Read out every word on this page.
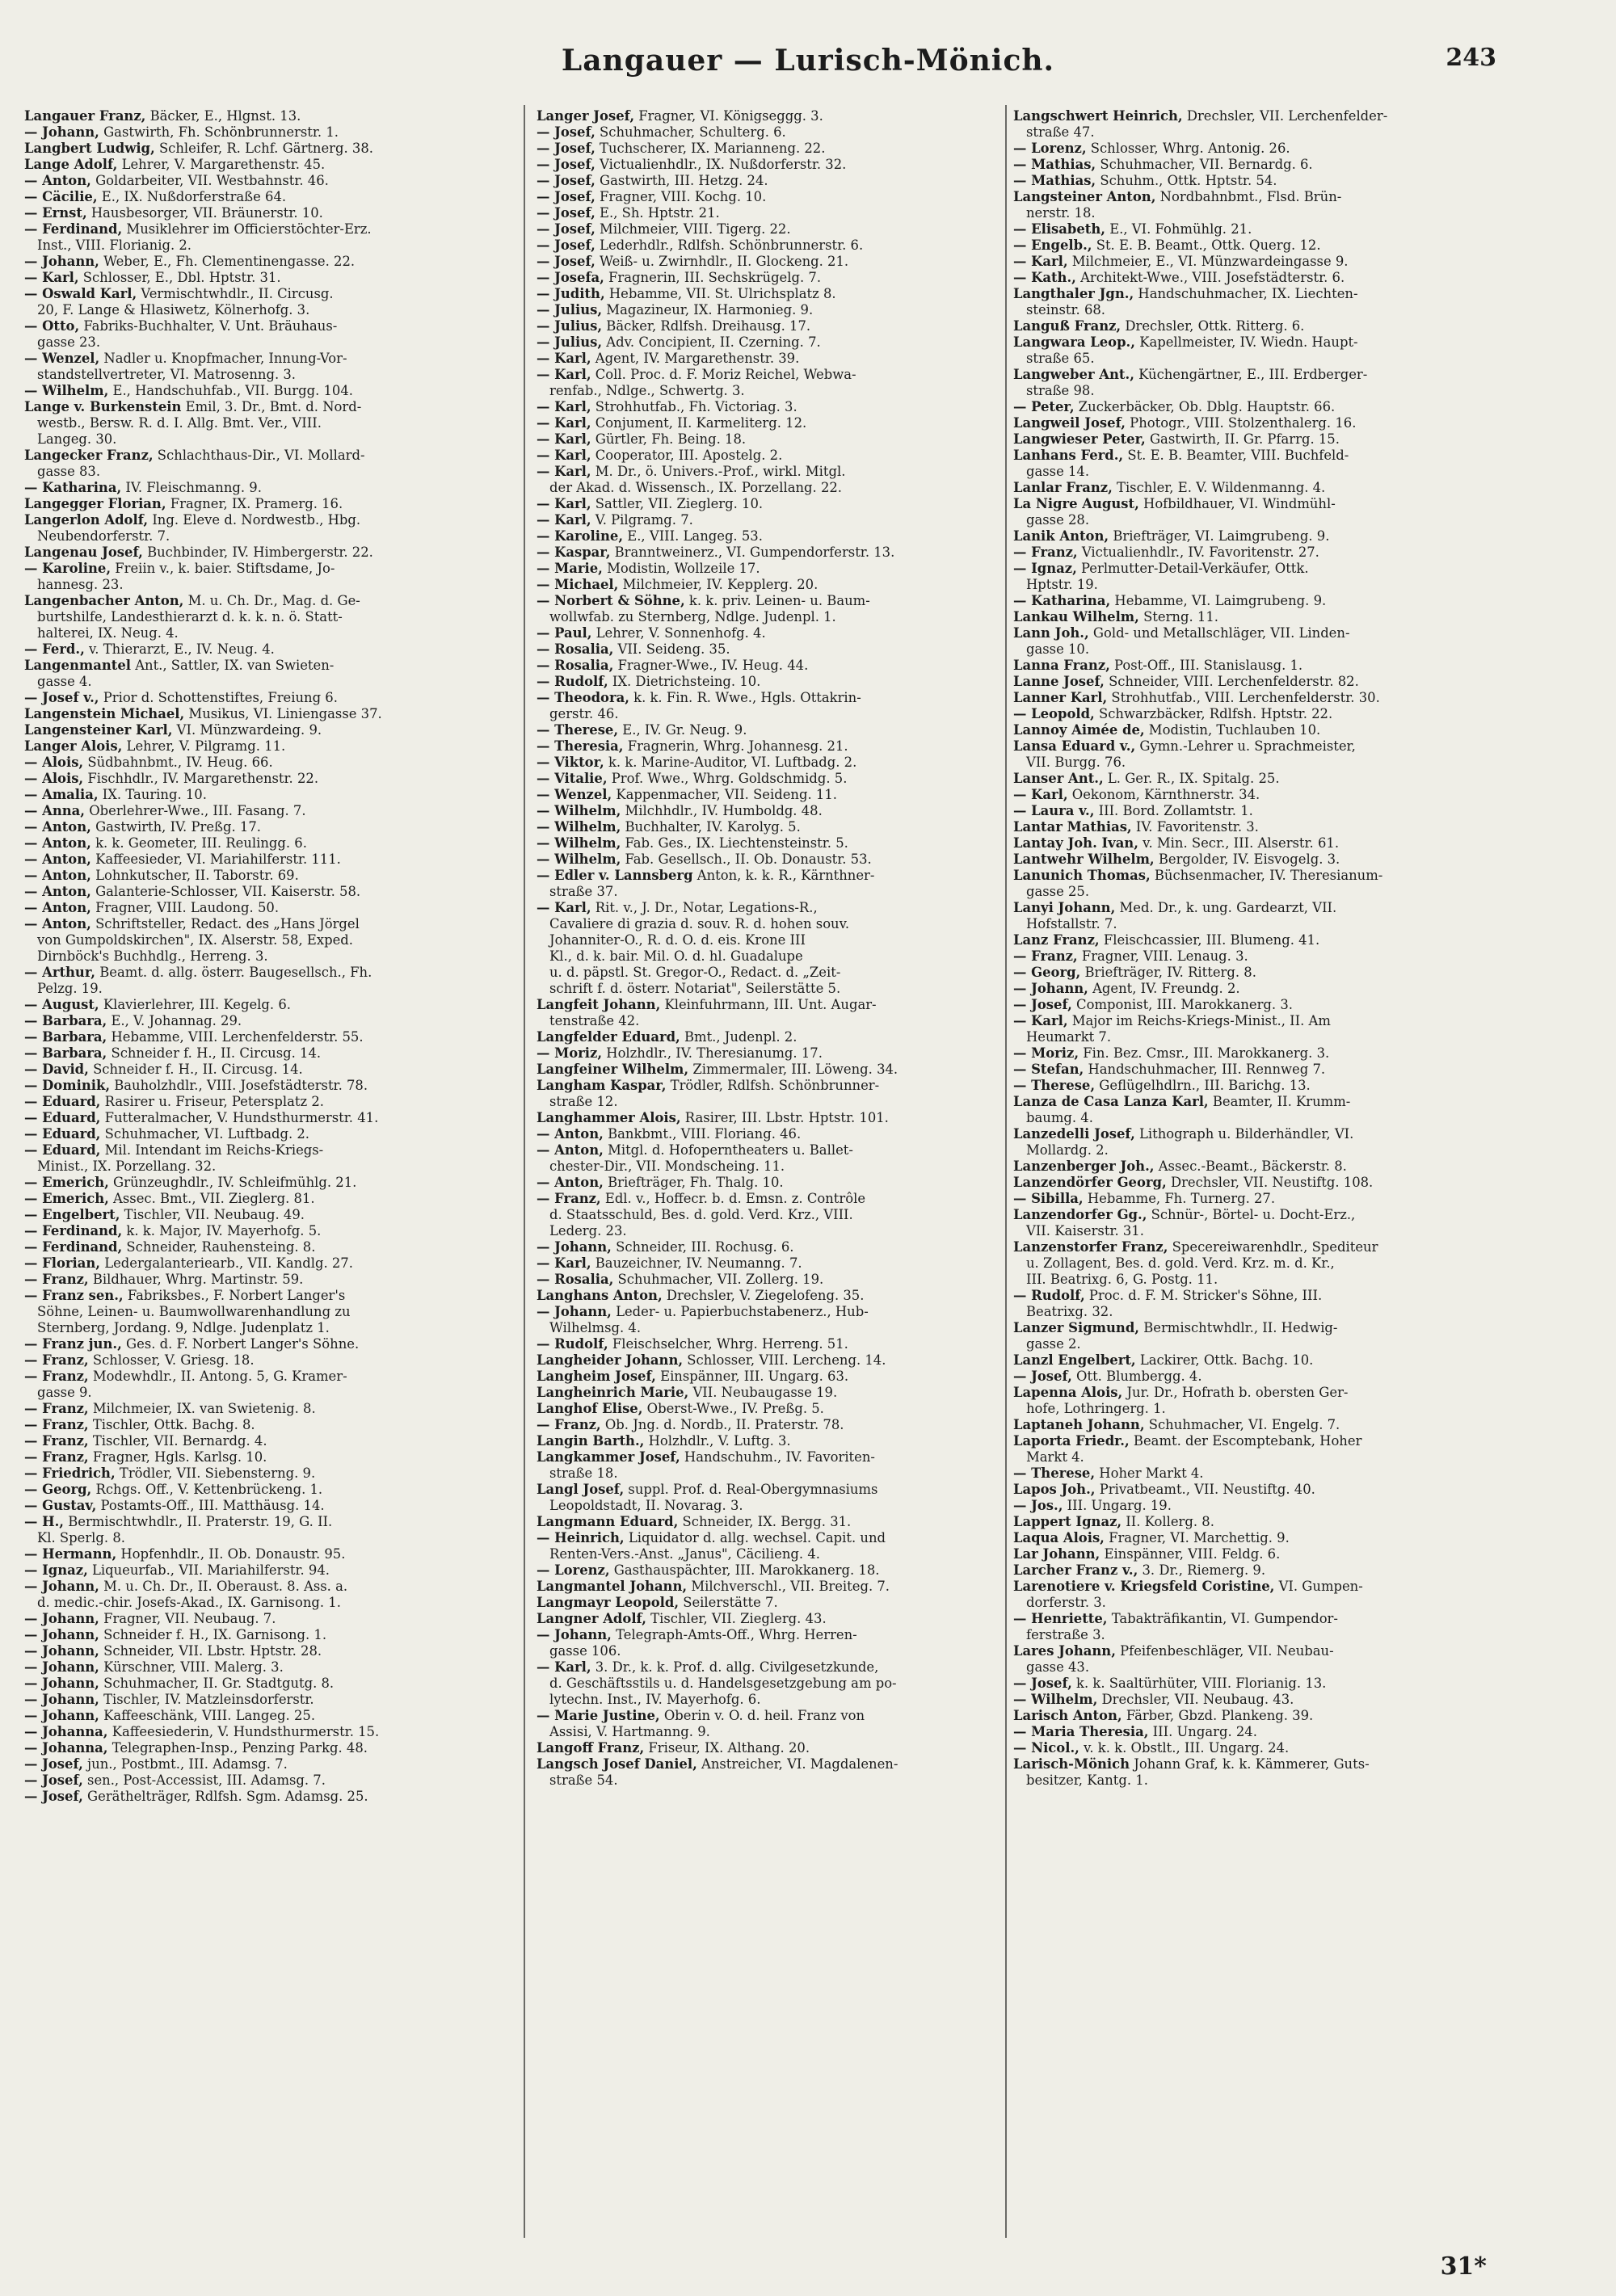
Langauer — Lurisch-Mönich.	243
Langauer Franz, Bäcker, E., Hlgnst. 13.
— Johann, Gastwirth, Fh. Schönbrunnerstr. 1.
Langbert Ludwig, Schleifer, R. Lchf. Gärtnerg. 38.
Lange Adolf, Lehrer, V. Margarethenstr. 45.
— Anton, Goldarbeiter, VII. Westbahnstr. 46.
— Cäcilie, E., IX. Nußdorferstraße 64.
— Ernst, Hausbesorger, VII. Bräunerstr. 10.
— Ferdinand, Musiklehrer im Officierstöchter-Erz.
Inst., VIII. Florianig. 2.
— Johann, Weber, E., Fh. Clementinengasse. 22.
— Karl, Schlosser, E., Dbl. Hptstr. 31.
— Oswald Karl, Vermischtwhdlr., II. Circusg.
20, F. Lange & Hlasiwetz, Kölnerhofg. 3.
— Otto, Fabriks-Buchhalter, V. Unt. Bräuhaus-
gasse 23.
— Wenzel, Nadler u. Knopfmacher, Innung-Vor-
standstellvertreter, VI. Matrosenng. 3.
— Wilhelm, E., Handschuhfab., VII. Burgg. 104.
Lange v. Burkenstein Emil, 3. Dr., Bmt. d. Nord-
westb., Bersw. R. d. I. Allg. Bmt. Ver., VIII.
Langeg. 30.
Langecker Franz, Schlachthaus-Dir., VI. Mollard-
gasse 83.
— Katharina, IV. Fleischmanng. 9.
Langegger Florian, Fragner, IX. Pramerg. 16.
Langerlon Adolf, Ing. Eleve d. Nordwestb., Hbg.
Neubendorferstr. 7.
Langenau Josef, Buchbinder, IV. Himbergerstr. 22.
— Karoline, Freiin v., k. baier. Stiftsdame, Jo-
hannesg. 23.
Langenbacher Anton, M. u. Ch. Dr., Mag. d. Ge-
burtshilfe, Landesthierarzt d. k. k. n. ö. Statt-
halterei, IX. Neug. 4.
— Ferd., v. Thierarzt, E., IV. Neug. 4.
Langenmantel Ant., Sattler, IX. van Swieten-
gasse 4.
— Josef v., Prior d. Schottenstiftes, Freiung 6.
Langenstein Michael, Musikus, VI. Liniengasse 37.
Langensteiner Karl, VI. Münzwardeing. 9.
Langer Alois, Lehrer, V. Pilgramg. 11.
— Alois, Südbahnbmt., IV. Heug. 66.
— Alois, Fischhdlr., IV. Margarethenstr. 22.
— Amalia, IX. Tauring. 10.
— Anna, Oberlehrer-Wwe., III. Fasang. 7.
— Anton, Gastwirth, IV. Preßg. 17.
— Anton, k. k. Geometer, III. Reulingg. 6.
— Anton, Kaffeesieder, VI. Mariahilferstr. 111.
— Anton, Lohnkutscher, II. Taborstr. 69.
— Anton, Galanterie-Schlosser, VII. Kaiserstr. 58.
— Anton, Fragner, VIII. Laudong. 50.
— Anton, Schriftsteller, Redact. des „Hans Jörgel
von Gumpoldskirchen", IX. Alserstr. 58, Exped.
Dirnböck's Buchhdlg., Herreng. 3.
— Arthur, Beamt. d. allg. österr. Baugesellsch., Fh.
Pelzg. 19.
— August, Klavierlehrer, III. Kegelg. 6.
— Barbara, E., V. Johannag. 29.
— Barbara, Hebamme, VIII. Lerchenfelderstr. 55.
— Barbara, Schneider f. H., II. Circusg. 14.
— David, Schneider f. H., II. Circusg. 14.
— Dominik, Bauholzhdlr., VIII. Josefstädterstr. 78.
— Eduard, Rasirer u. Friseur, Petersplatz 2.
— Eduard, Futteralmacher, V. Hundsthurmerstr. 41.
— Eduard, Schuhmacher, VI. Luftbadg. 2.
— Eduard, Mil. Intendant im Reichs-Kriegs-
Minist., IX. Porzellang. 32.
— Emerich, Grünzeughdlr., IV. Schleifmühlg. 21.
— Emerich, Assec. Bmt., VII. Zieglerg. 81.
— Engelbert, Tischler, VII. Neubaug. 49.
— Ferdinand, k. k. Major, IV. Mayerhofg. 5.
— Ferdinand, Schneider, Rauhensteing. 8.
— Florian, Ledergalanteriearb., VII. Kandlg. 27.
— Franz, Bildhauer, Whrg. Martinstr. 59.
— Franz sen., Fabriksbes., F. Norbert Langer's
Söhne, Leinen- u. Baumwollwarenhandlung zu
Sternberg, Jordang. 9, Ndlge. Judenplatz 1.
— Franz jun., Ges. d. F. Norbert Langer's Söhne.
— Franz, Schlosser, V. Griesg. 18.
— Franz, Modewhdlr., II. Antong. 5, G. Kramer-
gasse 9.
— Franz, Milchmeier, IX. van Swietenig. 8.
— Franz, Tischler, Ottk. Bachg. 8.
— Franz, Tischler, VII. Bernardg. 4.
— Franz, Fragner, Hgls. Karlsg. 10.
— Friedrich, Trödler, VII. Siebensterng. 9.
— Georg, Rchgs. Off., V. Kettenbrückeng. 1.
— Gustav, Postamts-Off., III. Matthäusg. 14.
— H., Bermischtwhdlr., II. Praterstr. 19, G. II.
Kl. Sperlg. 8.
— Hermann, Hopfenhdlr., II. Ob. Donaustr. 95.
— Ignaz, Liqueurfab., VII. Mariahilferstr. 94.
— Johann, M. u. Ch. Dr., II. Oberaust. 8. Ass. a.
d. medic.-chir. Josefs-Akad., IX. Garnisong. 1.
— Johann, Fragner, VII. Neubaug. 7.
— Johann, Schneider f. H., IX. Garnisong. 1.
— Johann, Schneider, VII. Lbstr. Hptstr. 28.
— Johann, Kürschner, VIII. Malerg. 3.
— Johann, Schuhmacher, II. Gr. Stadtgutg. 8.
— Johann, Tischler, IV. Matzleinsdorferstr.
— Johann, Kaffeeschänk, VIII. Langeg. 25.
— Johanna, Kaffeesiederin, V. Hundsthurmerstr. 15.
— Johanna, Telegraphen-Insp., Penzing Parkg. 48.
— Josef, jun., Postbmt., III. Adamsg. 7.
— Josef, sen., Post-Accessist, III. Adamsg. 7.
— Josef, Geräthelträger, Rdlfsh. Sgm. Adamsg. 25.
Langer Josef, Fragner, VI. Königseggg. 3.
— Josef, Schuhmacher, Schulterg. 6.
— Josef, Tuchscherer, IX. Marianneng. 22.
— Josef, Victualienhdlr., IX. Nußdorferstr. 32.
— Josef, Gastwirth, III. Hetzg. 24.
— Josef, Fragner, VIII. Kochg. 10.
— Josef, E., Sh. Hptstr. 21.
— Josef, Milchmeier, VIII. Tigerg. 22.
— Josef, Lederhdlr., Rdlfsh. Schönbrunnerstr. 6.
— Josef, Weiß- u. Zwirnhdlr., II. Glockeng. 21.
— Josefa, Fragnerin, III. Sechskrügelg. 7.
— Judith, Hebamme, VII. St. Ulrichsplatz 8.
— Julius, Magazineur, IX. Harmonieg. 9.
— Julius, Bäcker, Rdlfsh. Dreihausg. 17.
— Julius, Adv. Concipient, II. Czerning. 7.
— Karl, Agent, IV. Margarethenstr. 39.
— Karl, Coll. Proc. d. F. Moriz Reichel, Webwa-
renfab., Ndlge., Schwertg. 3.
— Karl, Strohhutfab., Fh. Victoriag. 3.
— Karl, Conjument, II. Karmeliterg. 12.
— Karl, Gürtler, Fh. Being. 18.
— Karl, Cooperator, III. Apostelg. 2.
— Karl, M. Dr., ö. Univers.-Prof., wirkl. Mitgl.
der Akad. d. Wissensch., IX. Porzellang. 22.
— Karl, Sattler, VII. Zieglerg. 10.
— Karl, V. Pilgramg. 7.
— Karoline, E., VIII. Langeg. 53.
— Kaspar, Branntweinerz., VI. Gumpendorferstr. 13.
— Marie, Modistin, Wollzeile 17.
— Michael, Milchmeier, IV. Kepplerg. 20.
— Norbert & Söhne, k. k. priv. Leinen- u. Baum-
wollwfab. zu Sternberg, Ndlge. Judenpl. 1.
— Paul, Lehrer, V. Sonnenhofg. 4.
— Rosalia, VII. Seideng. 35.
— Rosalia, Fragner-Wwe., IV. Heug. 44.
— Rudolf, IX. Dietrichsteing. 10.
— Theodora, k. k. Fin. R. Wwe., Hgls. Ottakrin-
gerstr. 46.
— Therese, E., IV. Gr. Neug. 9.
— Theresia, Fragnerin, Whrg. Johannesg. 21.
— Viktor, k. k. Marine-Auditor, VI. Luftbadg. 2.
— Vitalie, Prof. Wwe., Whrg. Goldschmidg. 5.
— Wenzel, Kappenmacher, VII. Seideng. 11.
— Wilhelm, Milchhdlr., IV. Humboldg. 48.
— Wilhelm, Buchhalter, IV. Karolyg. 5.
— Wilhelm, Fab. Ges., IX. Liechtensteinstr. 5.
— Wilhelm, Fab. Gesellsch., II. Ob. Donaustr. 53.
— Edler v. Lannsberg Anton, k. k. R., Kärnthner-
straße 37.
— Karl, Rit. v., J. Dr., Notar, Legations-R.,
Cavaliere di grazia d. souv. R. d. hohen souv.
Johanniter-O., R. d. O. d. eis. Krone III
Kl., d. k. bair. Mil. O. d. hl. Guadalupe
u. d. päpstl. St. Gregor-O., Redact. d. „Zeit-
schrift f. d. österr. Notariat", Seilerstätte 5.
Langfeit Johann, Kleinfuhrmann, III. Unt. Augar-
tenstraße 42.
Langfelder Eduard, Bmt., Judenpl. 2.
— Moriz, Holzhdlr., IV. Theresianumg. 17.
Langfeiner Wilhelm, Zimmermaler, III. Löweng. 34.
Langham Kaspar, Trödler, Rdlfsh. Schönbrunner-
straße 12.
Langhammer Alois, Rasirer, III. Lbstr. Hptstr. 101.
— Anton, Bankbmt., VIII. Floriang. 46.
— Anton, Mitgl. d. Hofoperntheaters u. Ballet-
chester-Dir., VII. Mondscheing. 11.
— Anton, Briefträger, Fh. Thalg. 10.
— Franz, Edl. v., Hoffecr. b. d. Emsn. z. Contrôle
d. Staatsschuld, Bes. d. gold. Verd. Krz., VIII.
Lederg. 23.
— Johann, Schneider, III. Rochusg. 6.
— Karl, Bauzeichner, IV. Neumanng. 7.
— Rosalia, Schuhmacher, VII. Zollerg. 19.
Langhans Anton, Drechsler, V. Ziegelofeng. 35.
— Johann, Leder- u. Papierbuchstabenerz., Hub-
Wilhelmsg. 4.
— Rudolf, Fleischselcher, Whrg. Herreng. 51.
Langheider Johann, Schlosser, VIII. Lercheng. 14.
Langheim Josef, Einspänner, III. Ungarg. 63.
Langheinrich Marie, VII. Neubaugasse 19.
Langhof Elise, Oberst-Wwe., IV. Preßg. 5.
— Franz, Ob. Jng. d. Nordb., II. Praterstr. 78.
Langin Barth., Holzhdlr., V. Luftg. 3.
Langkammer Josef, Handschuhm., IV. Favoriten-
straße 18.
Langl Josef, suppl. Prof. d. Real-Obergymnasiums
Leopoldstadt, II. Novarag. 3.
Langmann Eduard, Schneider, IX. Bergg. 31.
— Heinrich, Liquidator d. allg. wechsel. Capit. und
Renten-Vers.-Anst. „Janus", Cäcilieng. 4.
— Lorenz, Gasthauspächter, III. Marokkanerg. 18.
Langmantel Johann, Milchverschl., VII. Breiteg. 7.
Langmayr Leopold, Seilerstätte 7.
Langner Adolf, Tischler, VII. Zieglerg. 43.
— Johann, Telegraph-Amts-Off., Whrg. Herren-
gasse 106.
— Karl, 3. Dr., k. k. Prof. d. allg. Civilgesetzkunde,
d. Geschäftsstils u. d. Handelsgesetzgebung am po-
lytechn. Inst., IV. Mayerhofg. 6.
— Marie Justine, Oberin v. O. d. heil. Franz von
Assisi, V. Hartmanng. 9.
Langoff Franz, Friseur, IX. Althang. 20.
Langsch Josef Daniel, Anstreicher, VI. Magdalenen-
straße 54.
Langschwert Heinrich, Drechsler, VII. Lerchenfelder-
straße 47.
— Lorenz, Schlosser, Whrg. Antonig. 26.
— Mathias, Schuhmacher, VII. Bernardg. 6.
— Mathias, Schuhm., Ottk. Hptstr. 54.
Langsteiner Anton, Nordbahnbmt., Flsd. Brün-
nerstr. 18.
— Elisabeth, E., VI. Fohmühlg. 21.
— Engelb., St. E. B. Beamt., Ottk. Querg. 12.
— Karl, Milchmeier, E., VI. Münzwardeingasse 9.
— Kath., Architekt-Wwe., VIII. Josefstädterstr. 6.
Langthaler Jgn., Handschuhmacher, IX. Liechten-
steinstr. 68.
Languß Franz, Drechsler, Ottk. Ritterg. 6.
Langwara Leop., Kapellmeister, IV. Wiedn. Haupt-
straße 65.
Langweber Ant., Küchengärtner, E., III. Erdberger-
straße 98.
— Peter, Zuckerbäcker, Ob. Dblg. Hauptstr. 66.
Langweil Josef, Photogr., VIII. Stolzenthalerg. 16.
Langwieser Peter, Gastwirth, II. Gr. Pfarrg. 15.
Lanhans Ferd., St. E. B. Beamter, VIII. Buchfeld-
gasse 14.
Lanlar Franz, Tischler, E. V. Wildenmanng. 4.
La Nigre August, Hofbildhauer, VI. Windmühl-
gasse 28.
Lanik Anton, Briefträger, VI. Laimgrubeng. 9.
— Franz, Victualienhdlr., IV. Favoritenstr. 27.
— Ignaz, Perlmutter-Detail-Verkäufer, Ottk.
Hptstr. 19.
— Katharina, Hebamme, VI. Laimgrubeng. 9.
Lankau Wilhelm, Sterng. 11.
Lann Joh., Gold- und Metallschläger, VII. Linden-
gasse 10.
Lanna Franz, Post-Off., III. Stanislausg. 1.
Lanne Josef, Schneider, VIII. Lerchenfelderstr. 82.
Lanner Karl, Strohhutfab., VIII. Lerchenfelderstr. 30.
— Leopold, Schwarzbäcker, Rdlfsh. Hptstr. 22.
Lannoy Aimée de, Modistin, Tuchlauben 10.
Lansa Eduard v., Gymn.-Lehrer u. Sprachmeister,
VII. Burgg. 76.
Lanser Ant., L. Ger. R., IX. Spitalg. 25.
— Karl, Oekonom, Kärnthnerstr. 34.
— Laura v., III. Bord. Zollamtstr. 1.
Lantar Mathias, IV. Favoritenstr. 3.
Lantay Joh. Ivan, v. Min. Secr., III. Alserstr. 61.
Lantwehr Wilhelm, Bergolder, IV. Eisvogelg. 3.
Lanunich Thomas, Büchsenmacher, IV. Theresianum-
gasse 25.
Lanyi Johann, Med. Dr., k. ung. Gardearzt, VII.
Hofstallstr. 7.
Lanz Franz, Fleischcassier, III. Blumeng. 41.
— Franz, Fragner, VIII. Lenaug. 3.
— Georg, Briefträger, IV. Ritterg. 8.
— Johann, Agent, IV. Freundg. 2.
— Josef, Componist, III. Marokkanerg. 3.
— Karl, Major im Reichs-Kriegs-Minist., II. Am
Heumarkt 7.
— Moriz, Fin. Bez. Cmsr., III. Marokkanerg. 3.
— Stefan, Handschuhmacher, III. Rennweg 7.
— Therese, Geflügelhdlrn., III. Barichg. 13.
Lanza de Casa Lanza Karl, Beamter, II. Krumm-
baumg. 4.
Lanzedelli Josef, Lithograph u. Bilderhändler, VI.
Mollardg. 2.
Lanzenberger Joh., Assec.-Beamt., Bäckerstr. 8.
Lanzendörfer Georg, Drechsler, VII. Neustiftg. 108.
— Sibilla, Hebamme, Fh. Turnerg. 27.
Lanzendorfer Gg., Schnür-, Börtel- u. Docht-Erz.,
VII. Kaiserstr. 31.
Lanzenstorfer Franz, Specereiwarenhdlr., Spediteur
u. Zollagent, Bes. d. gold. Verd. Krz. m. d. Kr.,
III. Beatrixg. 6, G. Postg. 11.
— Rudolf, Proc. d. F. M. Stricker's Söhne, III.
Beatrixg. 32.
Lanzer Sigmund, Bermischtwhdlr., II. Hedwig-
gasse 2.
Lanzl Engelbert, Lackirer, Ottk. Bachg. 10.
— Josef, Ott. Blumbergg. 4.
Lapenna Alois, Jur. Dr., Hofrath b. obersten Ger-
hofe, Lothringerg. 1.
Laptaneh Johann, Schuhmacher, VI. Engelg. 7.
Laporta Friedr., Beamt. der Escomptebank, Hoher
Markt 4.
— Therese, Hoher Markt 4.
Lapos Joh., Privatbeamt., VII. Neustiftg. 40.
— Jos., III. Ungarg. 19.
Lappert Ignaz, II. Kollerg. 8.
Laqua Alois, Fragner, VI. Marchettig. 9.
Lar Johann, Einspänner, VIII. Feldg. 6.
Larcher Franz v., 3. Dr., Riemerg. 9.
Larenotiere v. Kriegsfeld Coristine, VI. Gumpen-
dorferstr. 3.
— Henriette, Tabakträfikantin, VI. Gumpendor-
ferstraße 3.
Lares Johann, Pfeifenbeschläger, VII. Neubau-
gasse 43.
— Josef, k. k. Saaltürhüter, VIII. Florianig. 13.
— Wilhelm, Drechsler, VII. Neubaug. 43.
Larisch Anton, Färber, Gbzd. Plankeng. 39.
— Maria Theresia, III. Ungarg. 24.
— Nicol., v. k. k. Obstlt., III. Ungarg. 24.
Larisch-Mönich Johann Graf, k. k. Kämmerer, Guts-
besitzer, Kantg. 1.
31*
